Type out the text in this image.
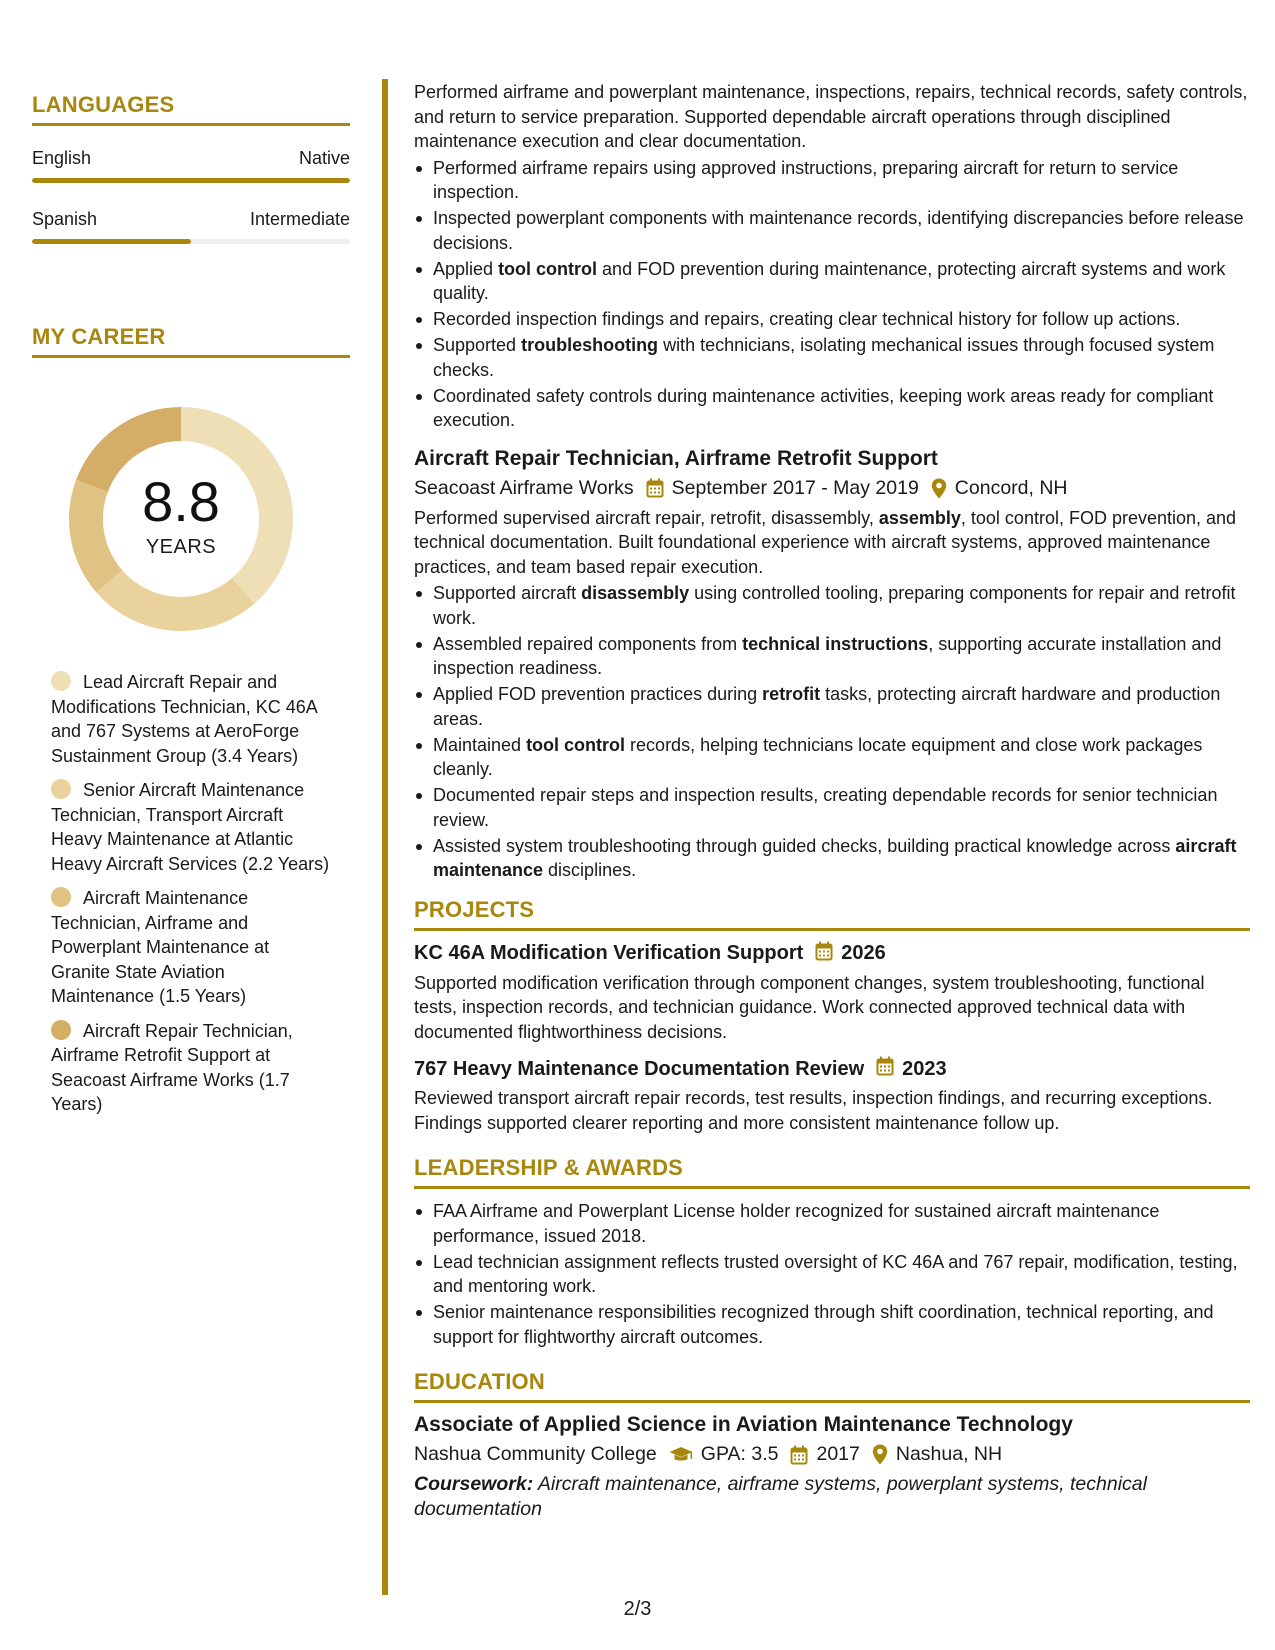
LANGUAGES
English	Native
Spanish	Intermediate
MY CAREER
8.8
YEARS
Lead Aircraft Repair and Modifications Technician, KC 46A and 767 Systems at AeroForge Sustainment Group (3.4 Years)
Senior Aircraft Maintenance Technician, Transport Aircraft Heavy Maintenance at Atlantic Heavy Aircraft Services (2.2 Years)
Aircraft Maintenance Technician, Airframe and Powerplant Maintenance at Granite State Aviation Maintenance (1.5 Years)
Aircraft Repair Technician, Airframe Retrofit Support at Seacoast Airframe Works (1.7 Years)

Performed airframe and powerplant maintenance, inspections, repairs, technical records, safety controls, and return to service preparation. Supported dependable aircraft operations through disciplined maintenance execution and clear documentation.

Performed airframe repairs using approved instructions, preparing aircraft for return to service inspection.
Inspected powerplant components with maintenance records, identifying discrepancies before release decisions.
Applied tool control and FOD prevention during maintenance, protecting aircraft systems and work quality.
Recorded inspection findings and repairs, creating clear technical history for follow up actions.
Supported troubleshooting with technicians, isolating mechanical issues through focused system checks.
Coordinated safety controls during maintenance activities, keeping work areas ready for compliant execution.
Aircraft Repair Technician, Airframe Retrofit Support
Seacoast Airframe Works September 2017 - May 2019 Concord, NH

Performed supervised aircraft repair, retrofit, disassembly, assembly, tool control, FOD prevention, and technical documentation. Built foundational experience with aircraft systems, approved maintenance practices, and team based repair execution.

Supported aircraft disassembly using controlled tooling, preparing components for repair and retrofit work.
Assembled repaired components from technical instructions, supporting accurate installation and inspection readiness.
Applied FOD prevention practices during retrofit tasks, protecting aircraft hardware and production areas.
Maintained tool control records, helping technicians locate equipment and close work packages cleanly.
Documented repair steps and inspection results, creating dependable records for senior technician review.
Assisted system troubleshooting through guided checks, building practical knowledge across aircraft maintenance disciplines.
PROJECTS
KC 46A Modification Verification Support 2026

Supported modification verification through component changes, system troubleshooting, functional tests, inspection records, and technician guidance. Work connected approved technical data with documented flightworthiness decisions.

767 Heavy Maintenance Documentation Review 2023

Reviewed transport aircraft repair records, test results, inspection findings, and recurring exceptions. Findings supported clearer reporting and more consistent maintenance follow up.

LEADERSHIP & AWARDS
FAA Airframe and Powerplant License holder recognized for sustained aircraft maintenance performance, issued 2018.
Lead technician assignment reflects trusted oversight of KC 46A and 767 repair, modification, testing, and mentoring work.
Senior maintenance responsibilities recognized through shift coordination, technical reporting, and support for flightworthy aircraft outcomes.
EDUCATION
Associate of Applied Science in Aviation Maintenance Technology
Nashua Community College GPA: 3.5 2017 Nashua, NH

Coursework: Aircraft maintenance, airframe systems, powerplant systems, technical documentation

2/3
